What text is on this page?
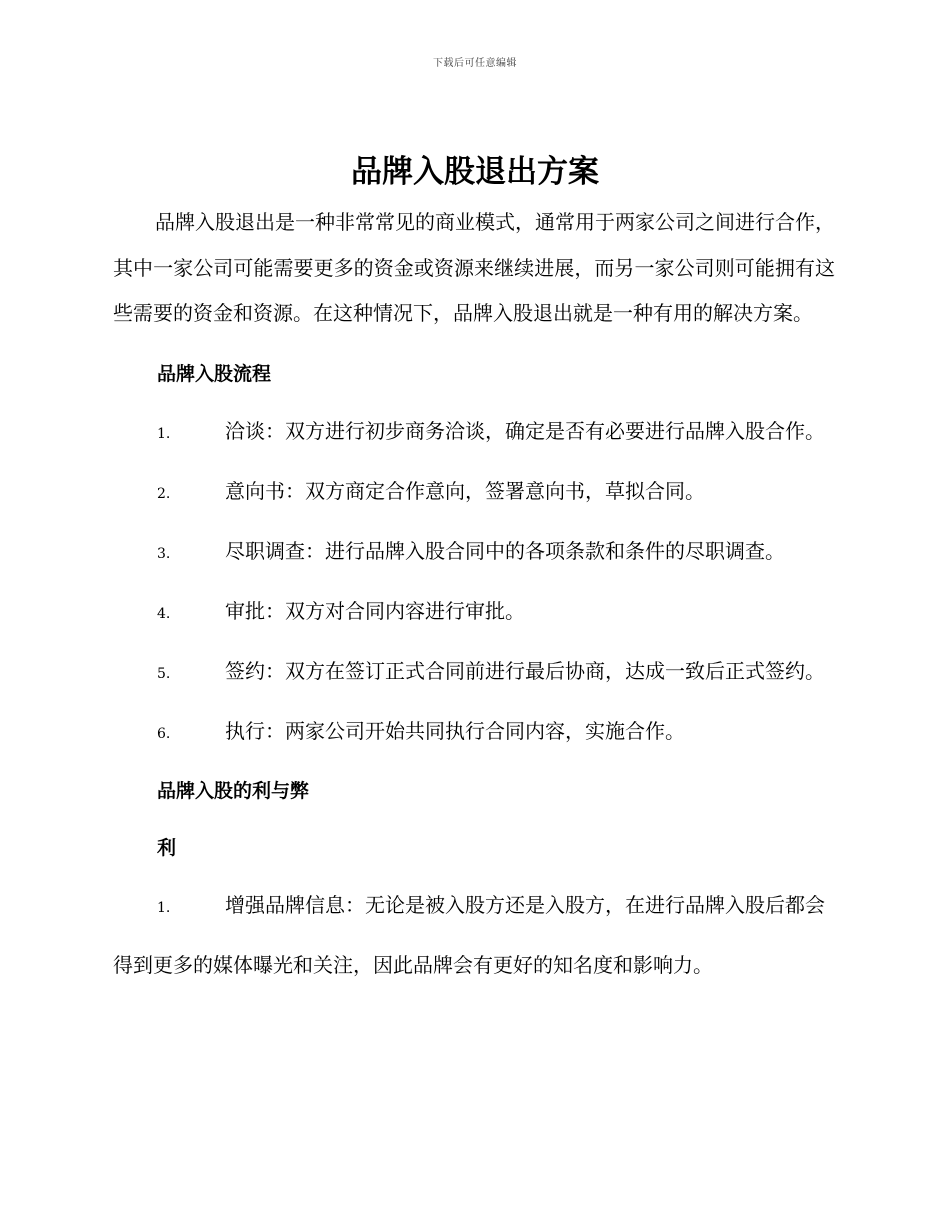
下载后可任意编辑
品牌入股退出方案

品牌入股退出是一种非常常见的商业模式，通常用于两家公司之间进行合作，其中一家公司可能需要更多的资金或资源来继续进展，而另一家公司则可能拥有这些需要的资金和资源。在这种情况下，品牌入股退出就是一种有用的解决方案。

品牌入股流程

1.	洽谈：双方进行初步商务洽谈，确定是否有必要进行品牌入股合作。

2.	意向书：双方商定合作意向，签署意向书，草拟合同。

3.	尽职调查：进行品牌入股合同中的各项条款和条件的尽职调查。

4.	审批：双方对合同内容进行审批。

5.	签约：双方在签订正式合同前进行最后协商，达成一致后正式签约。

6.	执行：两家公司开始共同执行合同内容，实施合作。

品牌入股的利与弊
利

1.	增强品牌信息：无论是被入股方还是入股方，在进行品牌入股后都会得到更多的媒体曝光和关注，因此品牌会有更好的知名度和影响力。
